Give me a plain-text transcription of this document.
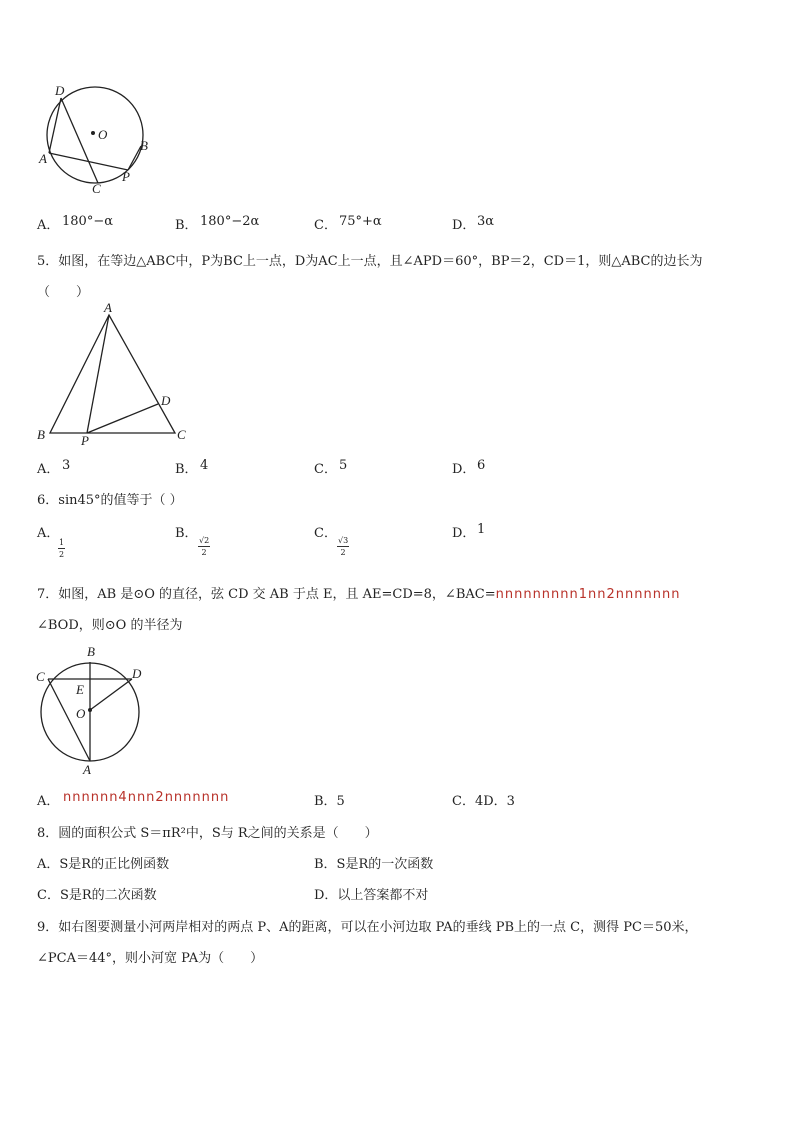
D
O
B
A
C
P
A． 180°−α	B． 180°−2α	C． 75°+α	D． 3α
5．如图，在等边△ABC中，P为BC上一点，D为AC上一点，且∠APD＝60°，BP＝2，CD＝1，则△ABC的边长为
（　　）
A
B	P	C
D
A． 3	B． 4	C． 5	D． 6
6．sin45°的值等于（ ）
A．
$\frac{1}{2}$
B．
$\frac{√2}{2}$
C．
$\frac{√3}{2}$
D． 1
7．如图，AB 是⊙O 的直径，弦 CD 交 AB 于点 E，且 AE=CD=8，∠BAC=nnnnnnnnn1nn2nnnnnnn
∠BOD，则⊙O 的半径为
B
C	D
E
O
A
A． nnnnnn4nnn2nnnnnnn	B．5	C．4D．3
8．圆的面积公式 S＝πR²中，S与 R之间的关系是（　　）
A．S是R的正比例函数	B．S是R的一次函数
C．S是R的二次函数	D．以上答案都不对
9．如右图要测量小河两岸相对的两点 P、A的距离，可以在小河边取 PA的垂线 PB上的一点 C，测得 PC＝50米，
∠PCA＝44°，则小河宽 PA为（　　）
